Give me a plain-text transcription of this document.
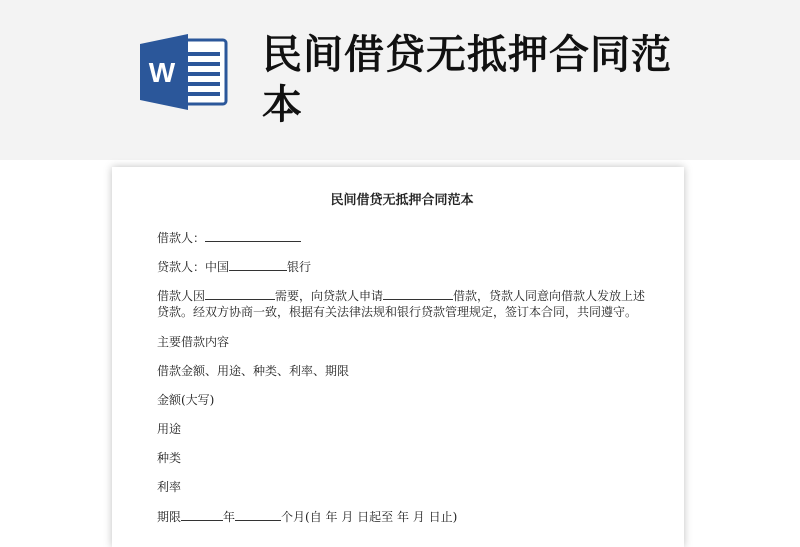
W 民间借贷无抵押合同范本
民间借贷无抵押合同范本
借款人：
贷款人：中国	银行
借款人因	需要，向贷款人申请	借款，贷款人同意向借款人发放上述贷款。经双方协商一致，根据有关法律法规和银行贷款管理规定，签订本合同，共同遵守。
主要借款内容
借款金额、用途、种类、利率、期限
金额(大写)
用途
种类
利率
期限	年	个月(自 年 月 日起至 年 月 日止)
